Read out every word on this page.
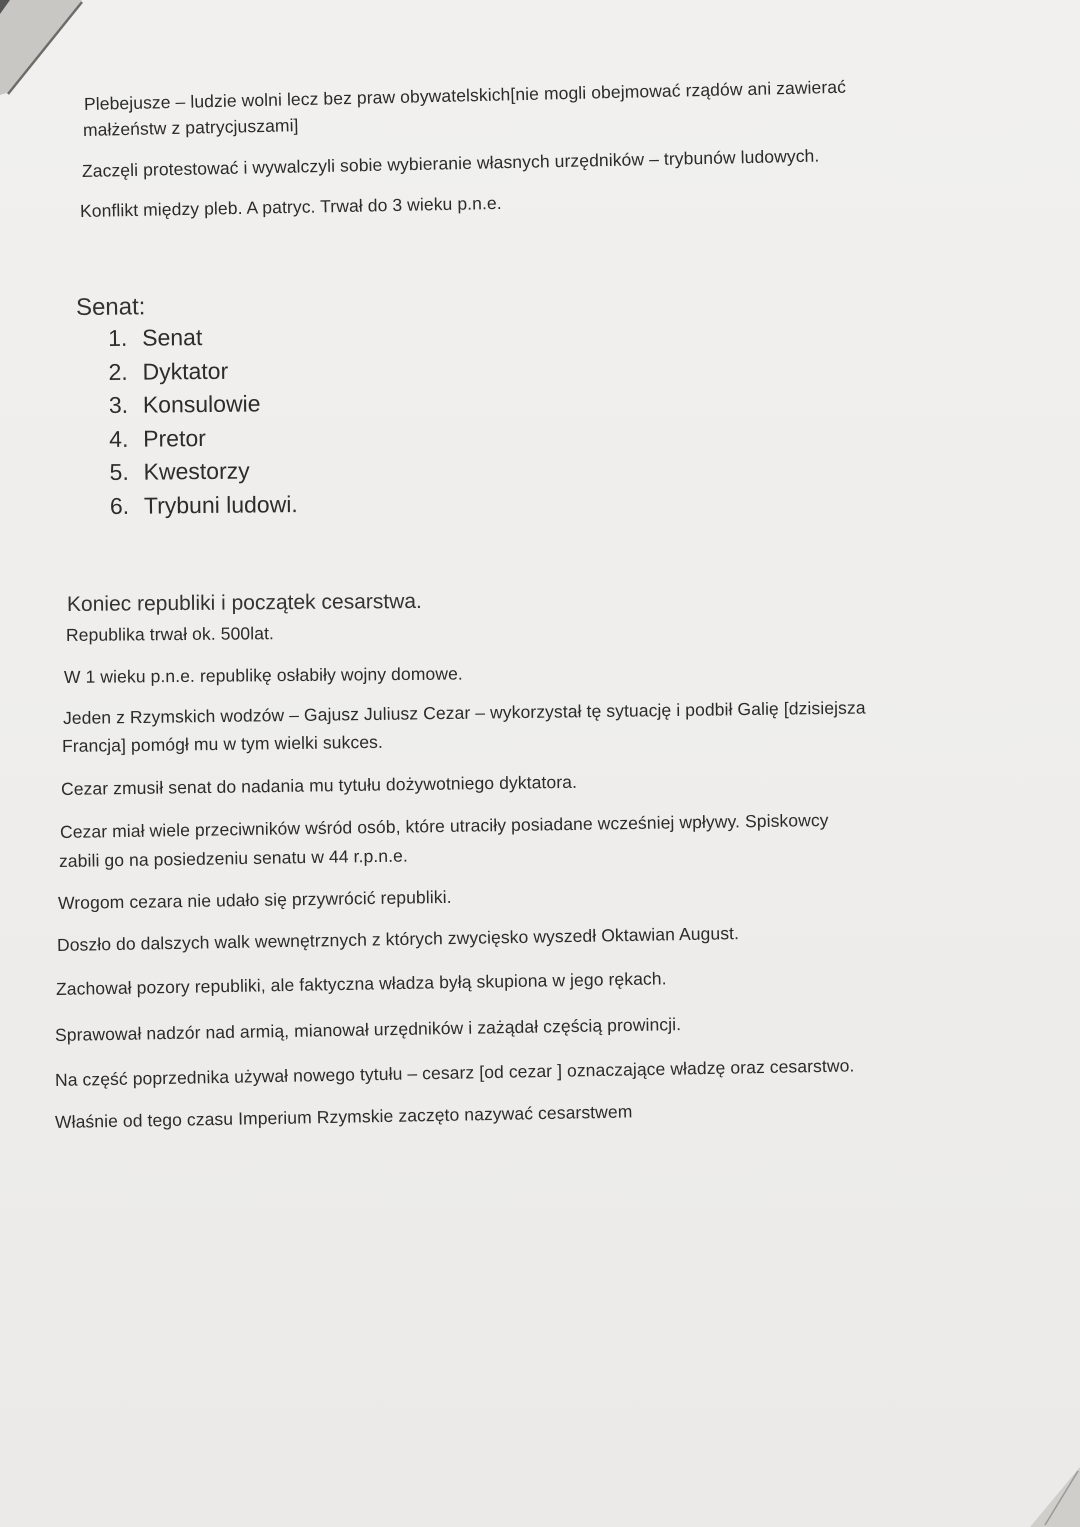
Plebejusze – ludzie wolni lecz bez praw obywatelskich[nie mogli obejmować rządów ani zawierać
małżeństw z patrycjuszami]
Zaczęli protestować i wywalczyli sobie wybieranie własnych urzędników – trybunów ludowych.
Konflikt między pleb. A patryc. Trwał do 3 wieku p.n.e.
Senat:
1. Senat
2. Dyktator
3. Konsulowie
4. Pretor
5. Kwestorzy
6. Trybuni ludowi.
Koniec republiki i początek cesarstwa.
Republika trwał ok. 500lat.
W 1 wieku p.n.e. republikę osłabiły wojny domowe.
Jeden z Rzymskich wodzów – Gajusz Juliusz Cezar – wykorzystał tę sytuację i podbił Galię [dzisiejsza
Francja] pomógł mu w tym wielki sukces.
Cezar zmusił senat do nadania mu tytułu dożywotniego dyktatora.
Cezar miał wiele przeciwników wśród osób, które utraciły posiadane wcześniej wpływy. Spiskowcy
zabili go na posiedzeniu senatu w 44 r.p.n.e.
Wrogom cezara nie udało się przywrócić republiki.
Doszło do dalszych walk wewnętrznych z których zwycięsko wyszedł Oktawian August.
Zachował pozory republiki, ale faktyczna władza byłą skupiona w jego rękach.
Sprawował nadzór nad armią, mianował urzędników i zażądał częścią prowincji.
Na część poprzednika używał nowego tytułu – cesarz [od cezar ] oznaczające władzę oraz cesarstwo.
Właśnie od tego czasu Imperium Rzymskie zaczęto nazywać cesarstwem
